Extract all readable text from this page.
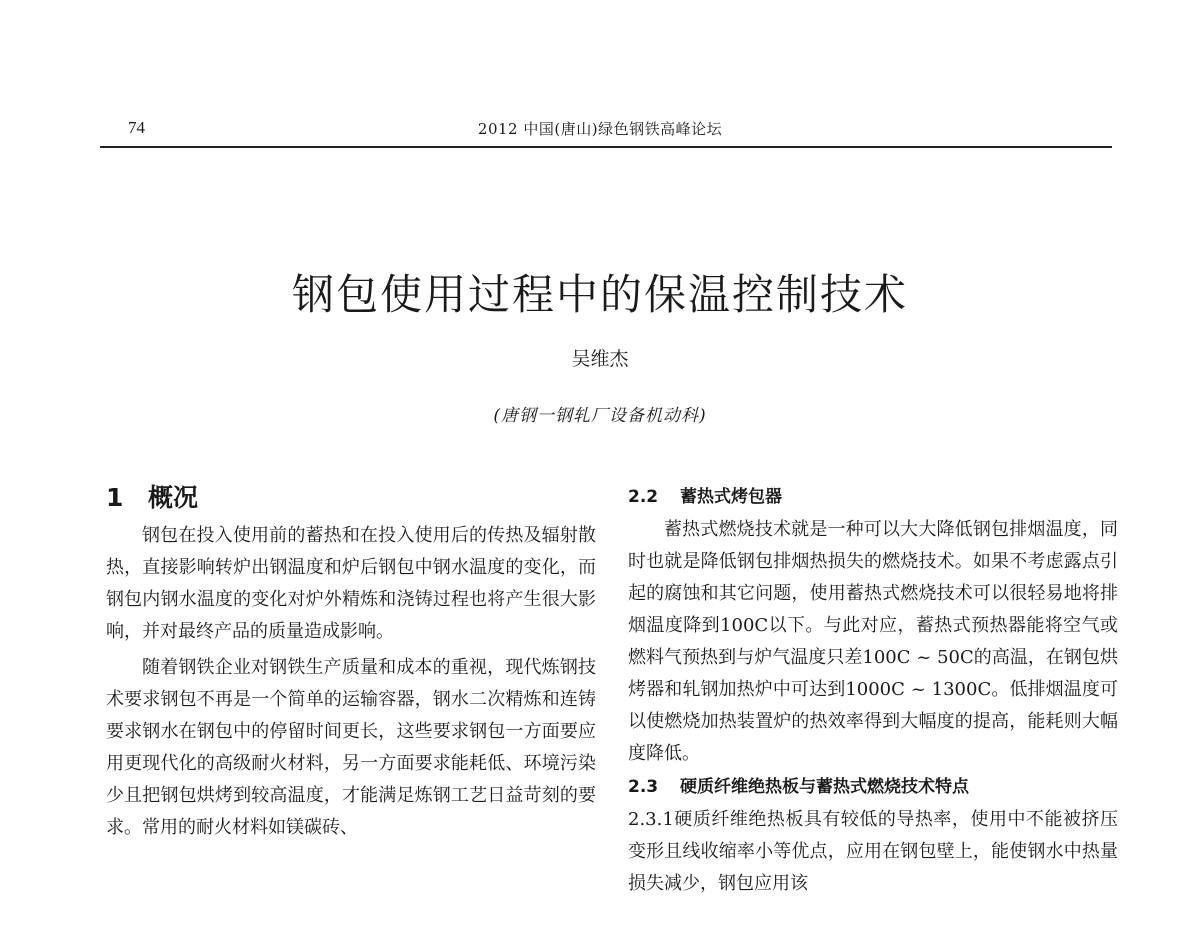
74	2012 中国(唐山)绿色钢铁高峰论坛
钢包使用过程中的保温控制技术
吴维杰
(唐钢一钢轧厂设备机动科)
1 概况

钢包在投入使用前的蓄热和在投入使用后的传热及辐射散热，直接影响转炉出钢温度和炉后钢包中钢水温度的变化，而钢包内钢水温度的变化对炉外精炼和浇铸过程也将产生很大影响，并对最终产品的质量造成影响。

随着钢铁企业对钢铁生产质量和成本的重视，现代炼钢技术要求钢包不再是一个简单的运输容器，钢水二次精炼和连铸要求钢水在钢包中的停留时间更长，这些要求钢包一方面要应用更现代化的高级耐火材料，另一方面要求能耗低、环境污染少且把钢包烘烤到较高温度，才能满足炼钢工艺日益苛刻的要求。常用的耐火材料如镁碳砖、

2.2 蓄热式烤包器

蓄热式燃烧技术就是一种可以大大降低钢包排烟温度，同时也就是降低钢包排烟热损失的燃烧技术。如果不考虑露点引起的腐蚀和其它问题，使用蓄热式燃烧技术可以很轻易地将排烟温度降到100C以下。与此对应，蓄热式预热器能将空气或燃料气预热到与炉气温度只差100C ~ 50C的高温，在钢包烘烤器和轧钢加热炉中可达到1000C ~ 1300C。低排烟温度可以使燃烧加热装置炉的热效率得到大幅度的提高，能耗则大幅度降低。

2.3 硬质纤维绝热板与蓄热式燃烧技术特点

2.3.1硬质纤维绝热板具有较低的导热率，使用中不能被挤压变形且线收缩率小等优点，应用在钢包壁上，能使钢水中热量损失减少，钢包应用该
